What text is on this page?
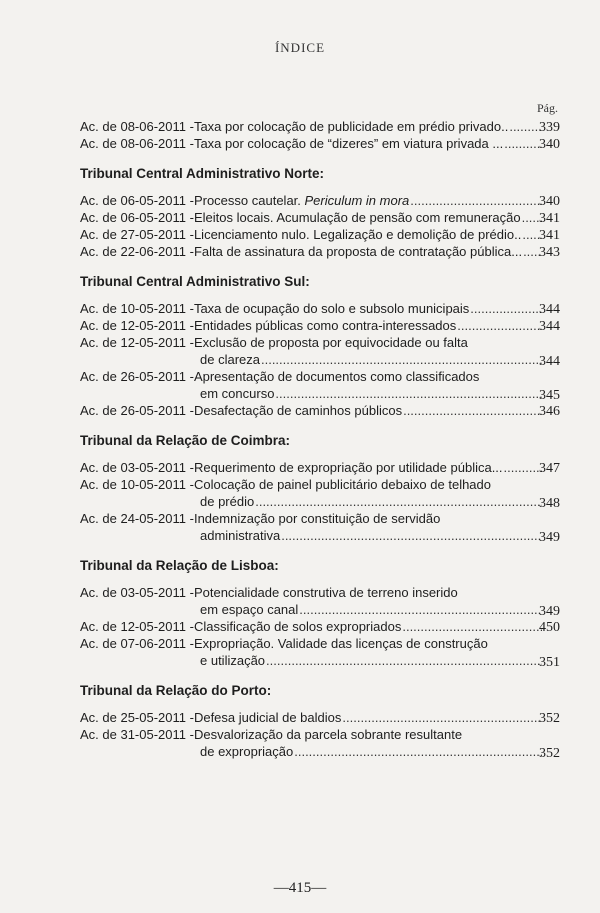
ÍNDICE
Pág.
Ac. de 08-06-2011 - Taxa por colocação de publicidade em prédio privado.. .....	339
Ac. de 08-06-2011 - Taxa por colocação de “dizeres” em viatura privada ... .....	340
Tribunal Central Administrativo Norte:
Ac. de 06-05-2011 - Processo cautelar. Periculum in mora .....	340
Ac. de 06-05-2011 - Eleitos locais. Acumulação de pensão com remuneração .....	341
Ac. de 27-05-2011 - Licenciamento nulo. Legalização e demolição de prédio.. .....	341
Ac. de 22-06-2011 - Falta de assinatura da proposta de contratação pública... .....	343
Tribunal Central Administrativo Sul:
Ac. de 10-05-2011 - Taxa de ocupação do solo e subsolo municipais .....	344
Ac. de 12-05-2011 - Entidades públicas como contra-interessados .....	344
Ac. de 12-05-2011 - Exclusão de proposta por equivocidade ou falta
de clareza .....	344
Ac. de 26-05-2011 - Apresentação de documentos como classificados
em concurso .....	345
Ac. de 26-05-2011 - Desafectação de caminhos públicos .....	346
Tribunal da Relação de Coimbra:
Ac. de 03-05-2011 - Requerimento de expropriação por utilidade pública... .....	347
Ac. de 10-05-2011 - Colocação de painel publicitário debaixo de telhado
de prédio .....	348
Ac. de 24-05-2011 - Indemnização por constituição de servidão
administrativa .....	349
Tribunal da Relação de Lisboa:
Ac. de 03-05-2011 - Potencialidade construtiva de terreno inserido
em espaço canal .....	349
Ac. de 12-05-2011 - Classificação de solos expropriados .....	450
Ac. de 07-06-2011 - Expropriação. Validade das licenças de construção
e utilização .....	351
Tribunal da Relação do Porto:
Ac. de 25-05-2011 - Defesa judicial de baldios .....	352
Ac. de 31-05-2011 - Desvalorização da parcela sobrante resultante
de expropriação .....	352
—415—
